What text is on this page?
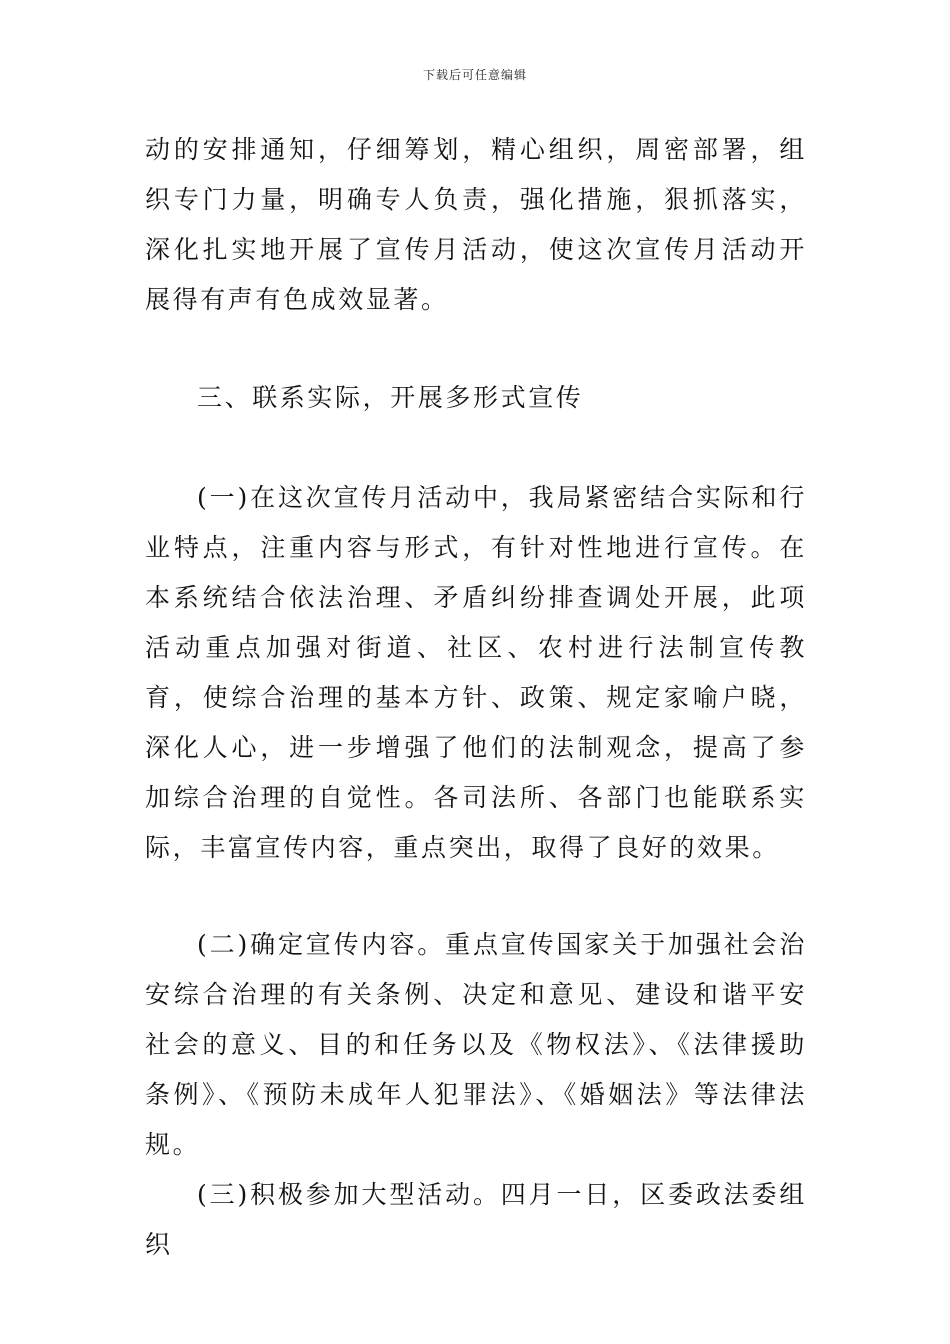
下载后可任意编辑

动的安排通知，仔细筹划，精心组织，周密部署，组织专门力量，明确专人负责，强化措施，狠抓落实，深化扎实地开展了宣传月活动，使这次宣传月活动开展得有声有色成效显著。

三、联系实际，开展多形式宣传

(一)在这次宣传月活动中，我局紧密结合实际和行业特点，注重内容与形式，有针对性地进行宣传。在本系统结合依法治理、矛盾纠纷排查调处开展，此项活动重点加强对街道、社区、农村进行法制宣传教育，使综合治理的基本方针、政策、规定家喻户晓，深化人心，进一步增强了他们的法制观念，提高了参加综合治理的自觉性。各司法所、各部门也能联系实际，丰富宣传内容，重点突出，取得了良好的效果。

(二)确定宣传内容。重点宣传国家关于加强社会治安综合治理的有关条例、决定和意见、建设和谐平安社会的意义、目的和任务以及《物权法》、《法律援助条例》、《预防未成年人犯罪法》、《婚姻法》等法律法规。

(三)积极参加大型活动。四月一日，区委政法委组织
